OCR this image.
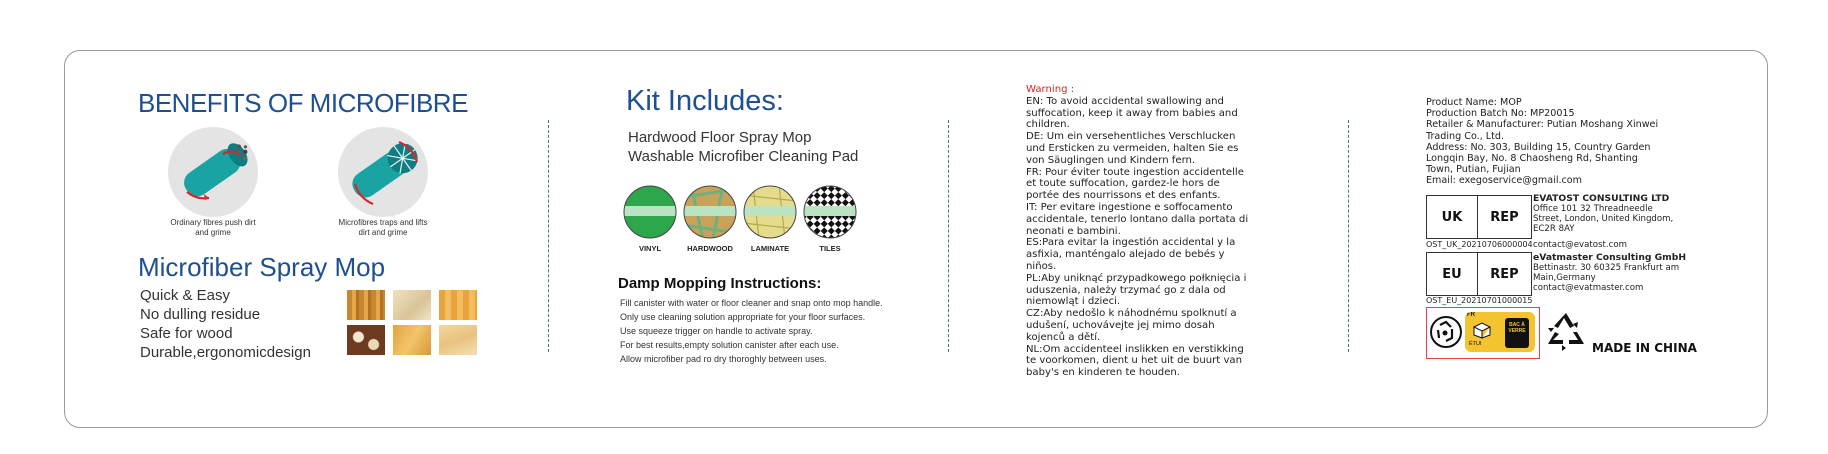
BENEFITS OF MICROFIBRE
Ordinary fibres push dirt
and grime
Microfibres traps and lifts
dirt and grime
Microfiber Spray Mop
Quick & Easy
No dulling residue
Safe for wood
Durable,ergonomicdesign
Kit Includes:
Hardwood Floor Spray Mop
Washable Microfiber Cleaning Pad
VINYL	HARDWOOD	LAMINATE	TILES
Damp Mopping Instructions:
Fill canister with water or floor cleaner and snap onto mop handle.
Only use cleaning solution appropriate for your floor surfaces.
Use squeeze trigger on handle to activate spray.
For best results,empty solution canister after each use.
Allow microfiber pad ro dry thoroghly between uses.
Warning :
EN: To avoid accidental swallowing and
suffocation, keep it away from babies and
children.
DE: Um ein versehentliches Verschlucken
und Ersticken zu vermeiden, halten Sie es
von Säuglingen und Kindern fern.
FR: Pour éviter toute ingestion accidentelle
et toute suffocation, gardez-le hors de
portée des nourrissons et des enfants.
IT: Per evitare ingestione e soffocamento
accidentale, tenerlo lontano dalla portata di
neonati e bambini.
ES:Para evitar la ingestión accidental y la
asfixia, manténgalo alejado de bebés y
niños.
PL:Aby uniknąć przypadkowego połknięcia i
uduszenia, należy trzymać go z dala od
niemowląt i dzieci.
CZ:Aby nedošlo k náhodnému spolknutí a
udušení, uchovávejte jej mimo dosah
kojenců a dětí.
NL:Om accidenteel inslikken en verstikking
te voorkomen, dient u het uit de buurt van
baby's en kinderen te houden.
Product Name: MOP
Production Batch No: MP20015
Retailer & Manufacturer: Putian Moshang Xinwei
Trading Co., Ltd.
Address: No. 303, Building 15, Country Garden
Longqin Bay, No. 8 Chaosheng Rd, Shanting
Town, Putian, Fujian
Email: exegoservice@gmail.com
UK	REP
EVATOST CONSULTING LTD
Office 101 32 Threadneedle
Street, London, United Kingdom,
EC2R 8AY
OST_UK_20210706000004 contact@evatost.com
EU	REP
eVatmaster Consulting GmbH
Bettinastr. 30 60325 Frankfurt am
Main,Germany
contact@evatmaster.com
OST_EU_20210701000015
FR
ÉTUI
BAC À VERRE
MADE IN CHINA
